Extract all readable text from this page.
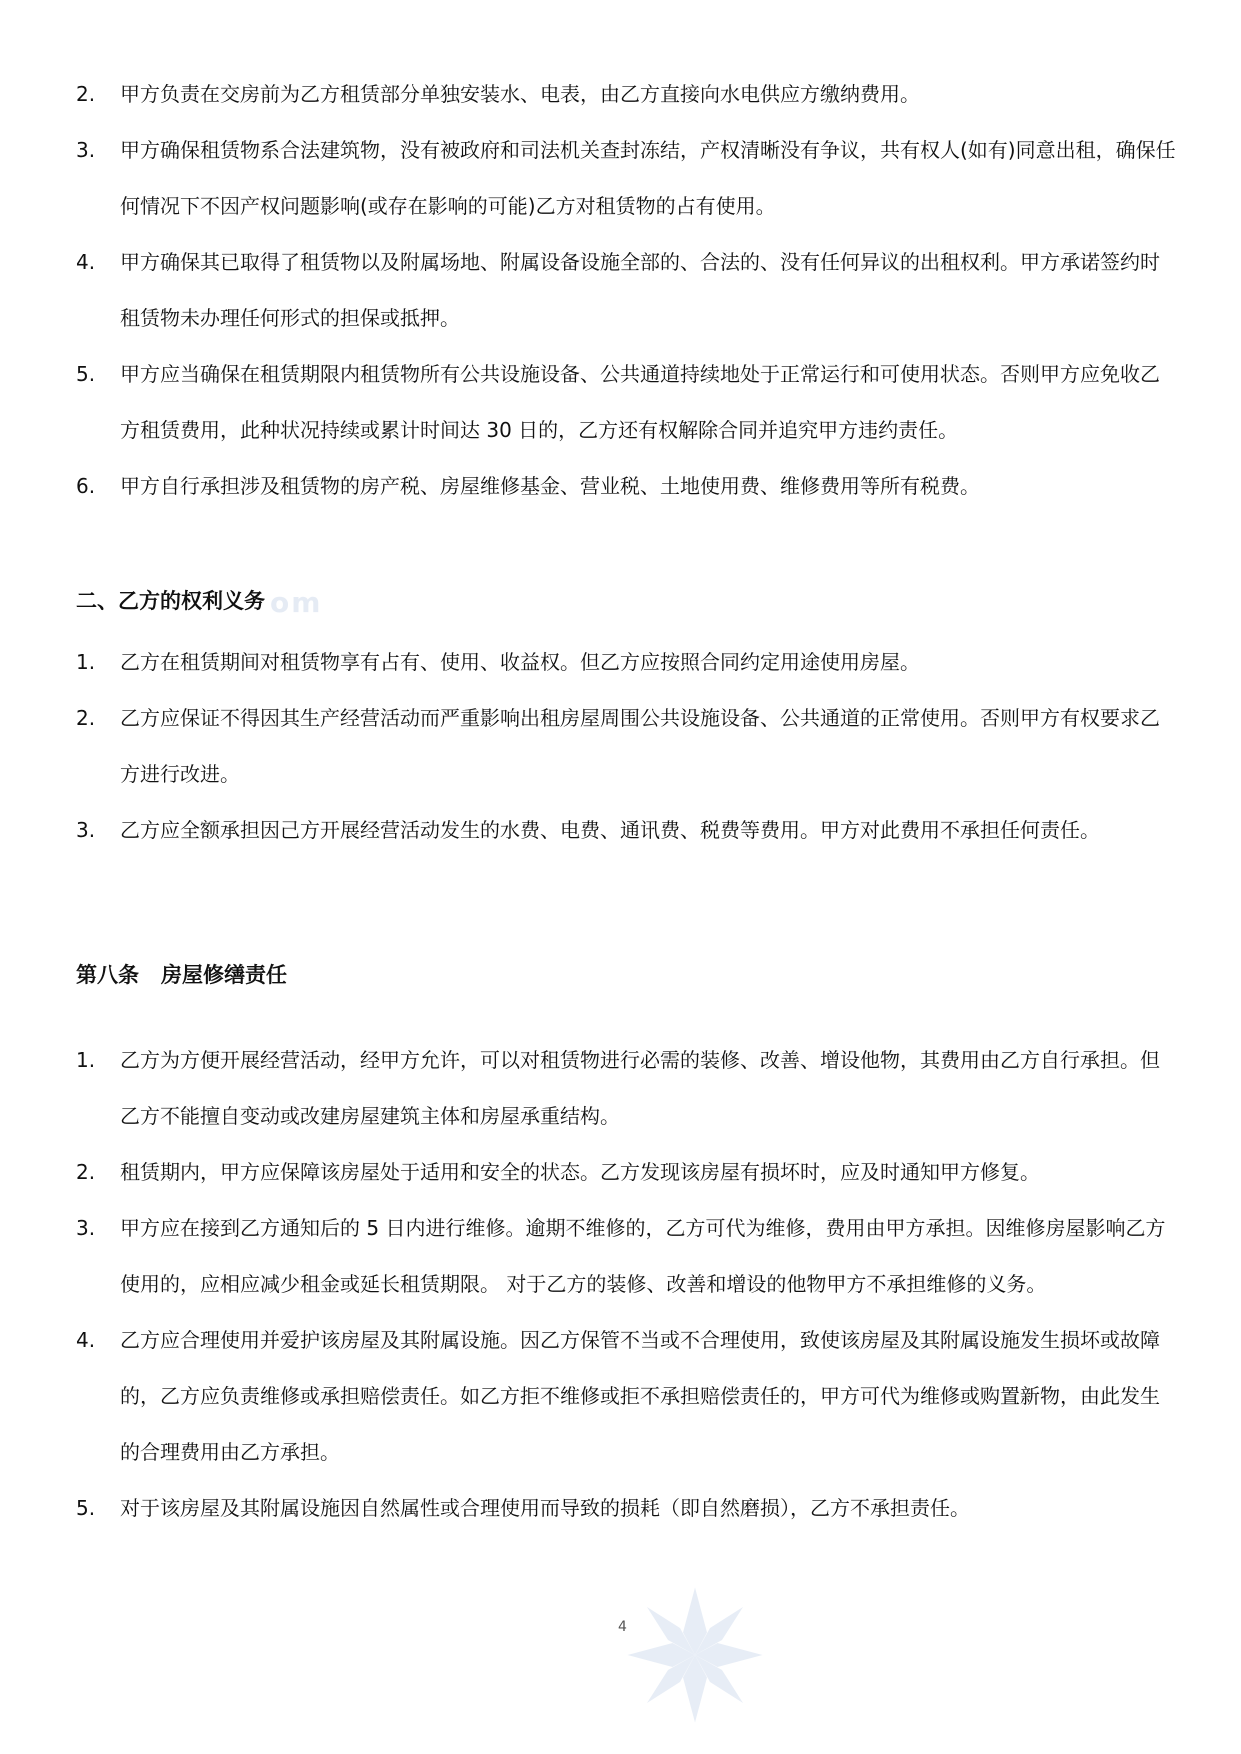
2. 甲方负责在交房前为乙方租赁部分单独安装水、电表，由乙方直接向水电供应方缴纳费用。
3. 甲方确保租赁物系合法建筑物，没有被政府和司法机关查封冻结，产权清晰没有争议，共有权人(如有)同意出租，确保任何情况下不因产权问题影响(或存在影响的可能)乙方对租赁物的占有使用。
4. 甲方确保其已取得了租赁物以及附属场地、附属设备设施全部的、合法的、没有任何异议的出租权利。甲方承诺签约时租赁物未办理任何形式的担保或抵押。
5. 甲方应当确保在租赁期限内租赁物所有公共设施设备、公共通道持续地处于正常运行和可使用状态。否则甲方应免收乙方租赁费用，此种状况持续或累计时间达 30 日的，乙方还有权解除合同并追究甲方违约责任。
6. 甲方自行承担涉及租赁物的房产税、房屋维修基金、营业税、土地使用费、维修费用等所有税费。
om
二、乙方的权利义务
1. 乙方在租赁期间对租赁物享有占有、使用、收益权。但乙方应按照合同约定用途使用房屋。
2. 乙方应保证不得因其生产经营活动而严重影响出租房屋周围公共设施设备、公共通道的正常使用。否则甲方有权要求乙方进行改进。
3. 乙方应全额承担因己方开展经营活动发生的水费、电费、通讯费、税费等费用。甲方对此费用不承担任何责任。
第八条 房屋修缮责任
1. 乙方为方便开展经营活动，经甲方允许，可以对租赁物进行必需的装修、改善、增设他物，其费用由乙方自行承担。但乙方不能擅自变动或改建房屋建筑主体和房屋承重结构。
2. 租赁期内，甲方应保障该房屋处于适用和安全的状态。乙方发现该房屋有损坏时，应及时通知甲方修复。
3. 甲方应在接到乙方通知后的 5 日内进行维修。逾期不维修的，乙方可代为维修，费用由甲方承担。因维修房屋影响乙方使用的，应相应减少租金或延长租赁期限。 对于乙方的装修、改善和增设的他物甲方不承担维修的义务。
4. 乙方应合理使用并爱护该房屋及其附属设施。因乙方保管不当或不合理使用，致使该房屋及其附属设施发生损坏或故障的，乙方应负责维修或承担赔偿责任。如乙方拒不维修或拒不承担赔偿责任的，甲方可代为维修或购置新物，由此发生的合理费用由乙方承担。
5. 对于该房屋及其附属设施因自然属性或合理使用而导致的损耗（即自然磨损），乙方不承担责任。
4
